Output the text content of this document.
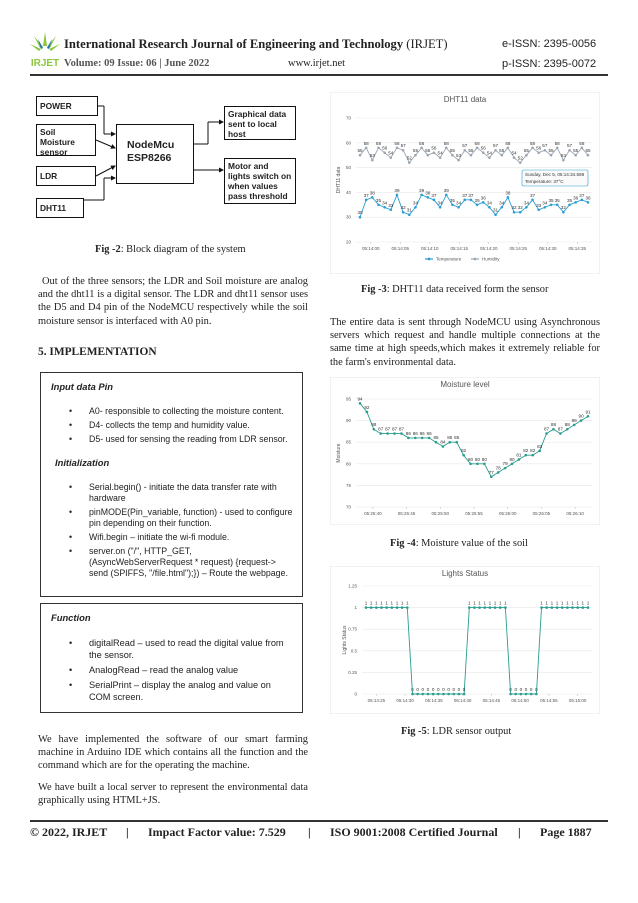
IRJET
International Research Journal of Engineering and Technology (IRJET)	e-ISSN: 2395-0056
Volume: 09 Issue: 06 | June 2022	www.irjet.net	p-ISSN: 2395-0072
POWER
Soil Moisture sensor
LDR
DHT11
NodeMcu
ESP8266
Graphical data sent to local host
Motor and lights switch on when values pass threshold
Fig -2: Block diagram of the system
Out of the three sensors; the LDR and Soil moisture are analog and the dht11 is a digital sensor. The LDR and dht11 sensor uses the D5 and D4 pin of the NodeMCU respectively while the soil moisture sensor is interfaced with A0 pin.
5. IMPLEMENTATION
Input data Pin
• A0- responsible to collecting the moisture content.
• D4- collects the temp and humidity value.
• D5- used for sensing the reading from LDR sensor.
Initialization
• Serial.begin() - initiate the data transfer rate with hardware
• pinMODE(Pin_variable, function) - used to configure pin depending on their function.
• Wifi.begin – initiate the wi-fi module.
• server.on ("/", HTTP_GET, (AsyncWebServerRequest * request) {request-> send (SPIFFS, "/file.html");}) – Route the webpage.
Function
• digitalRead – used to read the digital value from the sensor.
• AnalogRead – read the analog value
• SerialPrint – display the analog and value on COM screen.
We have implemented the software of our smart farming machine in Arduino IDE which contains all the function and the command which are for the operating the machine.
We have built a local server to represent the environmental data graphically using HTML+JS.
DHT11 data
20
30
40
50
60
70
DHT11 data
05:14:00	05:14:05	05:14:10	05:14:15	05:14:20	05:14:25	05:14:30	05:14:35
30
37 38
35 34 33
39
32 31
34
39 38 37
34
39
35 34
37 37
35 36
34
31
34
38
32 32
34
37
33 34 35 35
32
35 36 37 36
55
58
53
58
56
54
58 57
52
55
58
55 56
54
58
55
53
57
55
58
56
54
57
55
58
54
52
55
58
56 57
55
58
53
57
55
58
55
Temperature	Humidity
Sunday, Dec 5, 05:14:34.598
Temperature: 37°C
Fig -3: DHT11 data received form the sensor
The entire data is sent through NodeMCU using Asynchronous servers which request and handle multiple connections at the same time at high speeds,which makes it extremely reliable for the farm's environmental data.
Moisture level
70
75
80
85
90
95
Moisture
05:25:40	05:25:45	05:25:50	05:25:55	05:26:00	05:26:05	05:26:10
94
92
88
87 87 87 87
86 86 86 86
85
84
85 85
82
80 80 80
77
78
79
80
81
82 82
83
87
88
87
88
89
90
91
Fig -4: Moisture value of the soil
Lights Status
0
0.25
0.5
0.75
1
1.25
Lights Status
05:14:25 05:14:30 05:14:35 05:14:40 05:14:45 05:14:50 05:14:55 05:15:00
1 1 1 1 1 1 1 1 1
0 0 0 0 0 0 0 0 0 0 0
1 1 1 1 1 1 1 1
0 0 0 0 0 0
1 1 1 1 1 1 1 1 1 1
Fig -5: LDR sensor output
© 2022, IRJET | Impact Factor value: 7.529 | ISO 9001:2008 Certified Journal | Page 1887
